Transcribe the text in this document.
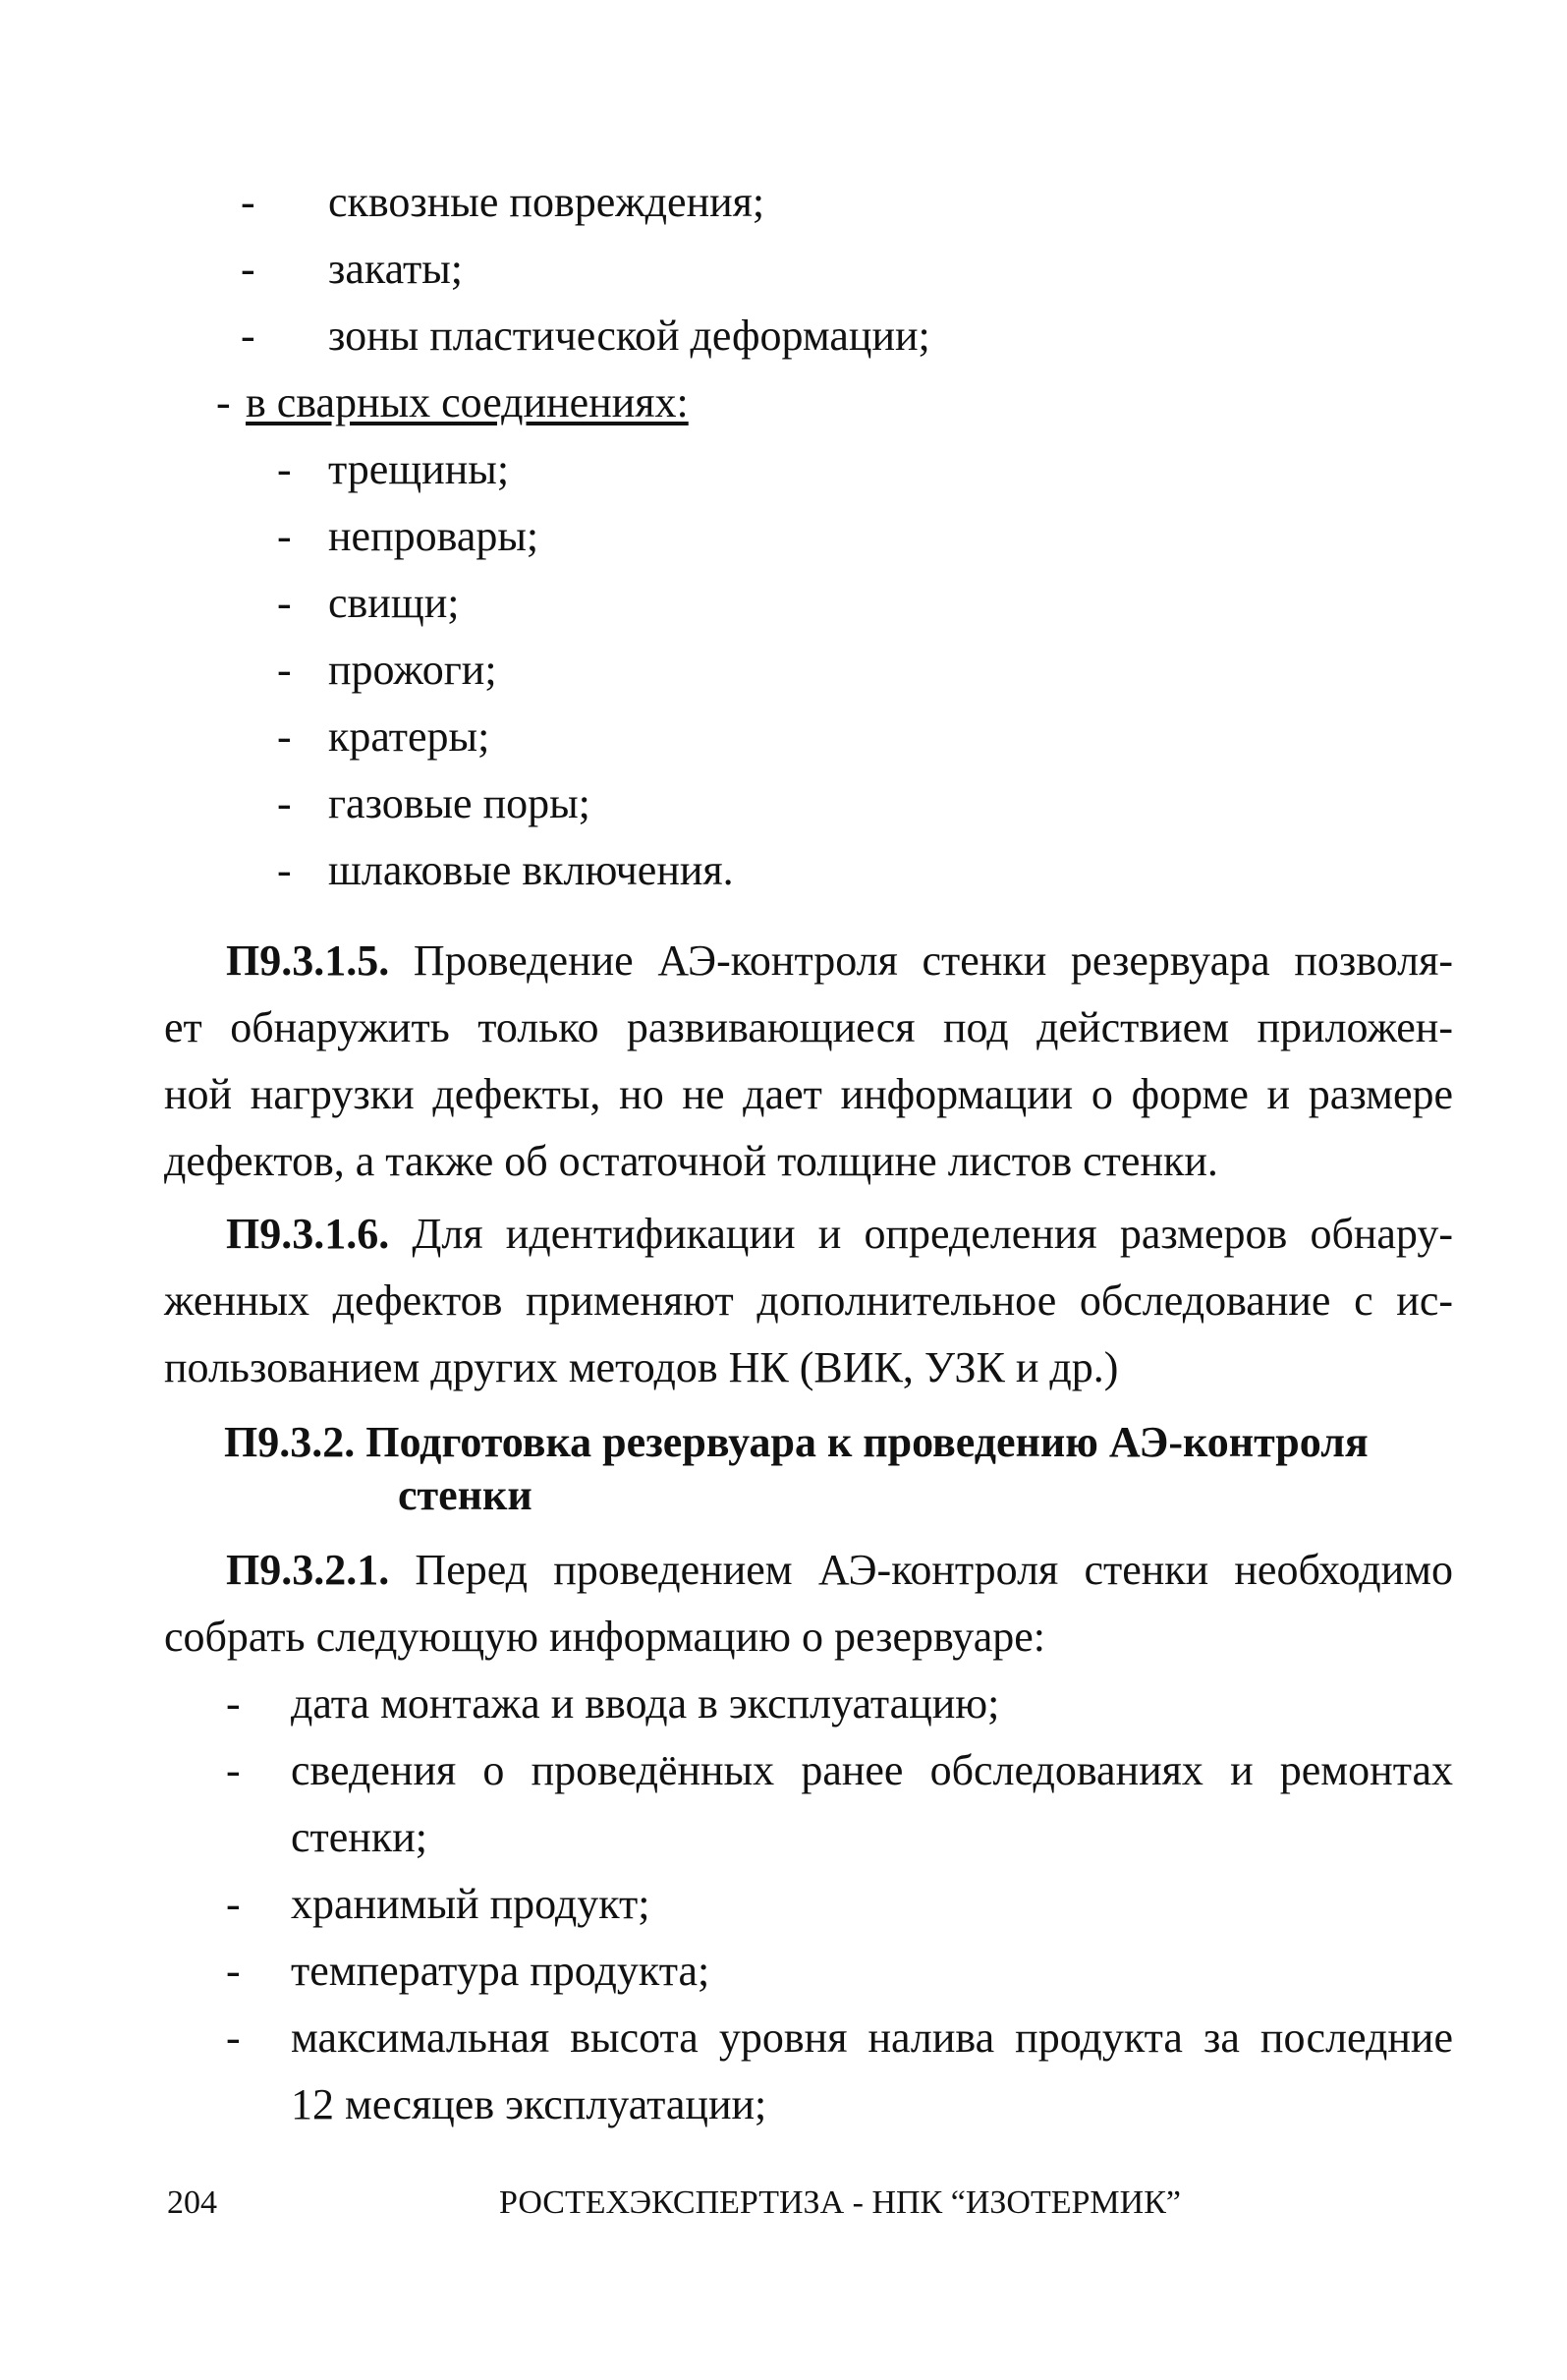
- сквозные повреждения;
- закаты;
- зоны пластической деформации;
- в сварных соединениях:
- трещины;
- непровары;
- свищи;
- прожоги;
- кратеры;
- газовые поры;
- шлаковые включения.
П9.3.1.5. Проведение АЭ-контроля стенки резервуара позволя-
ет обнаружить только развивающиеся под действием приложен-
ной нагрузки дефекты, но не дает информации о форме и размере
дефектов, а также об остаточной толщине листов стенки.
П9.3.1.6. Для идентификации и определения размеров обнару-
женных дефектов применяют дополнительное обследование с ис-
пользованием других методов НК (ВИК, УЗК и др.)
П9.3.2. Подготовка резервуара к проведению АЭ-контроля
стенки
П9.3.2.1. Перед проведением АЭ-контроля стенки необходимо
собрать следующую информацию о резервуаре:
- дата монтажа и ввода в эксплуатацию;
- сведения о проведённых ранее обследованиях и ремонтах
стенки;
- хранимый продукт;
- температура продукта;
- максимальная высота уровня налива продукта за последние
12 месяцев эксплуатации;
204	РОСТЕХЭКСПЕРТИЗА - НПК “ИЗОТЕРМИК”
